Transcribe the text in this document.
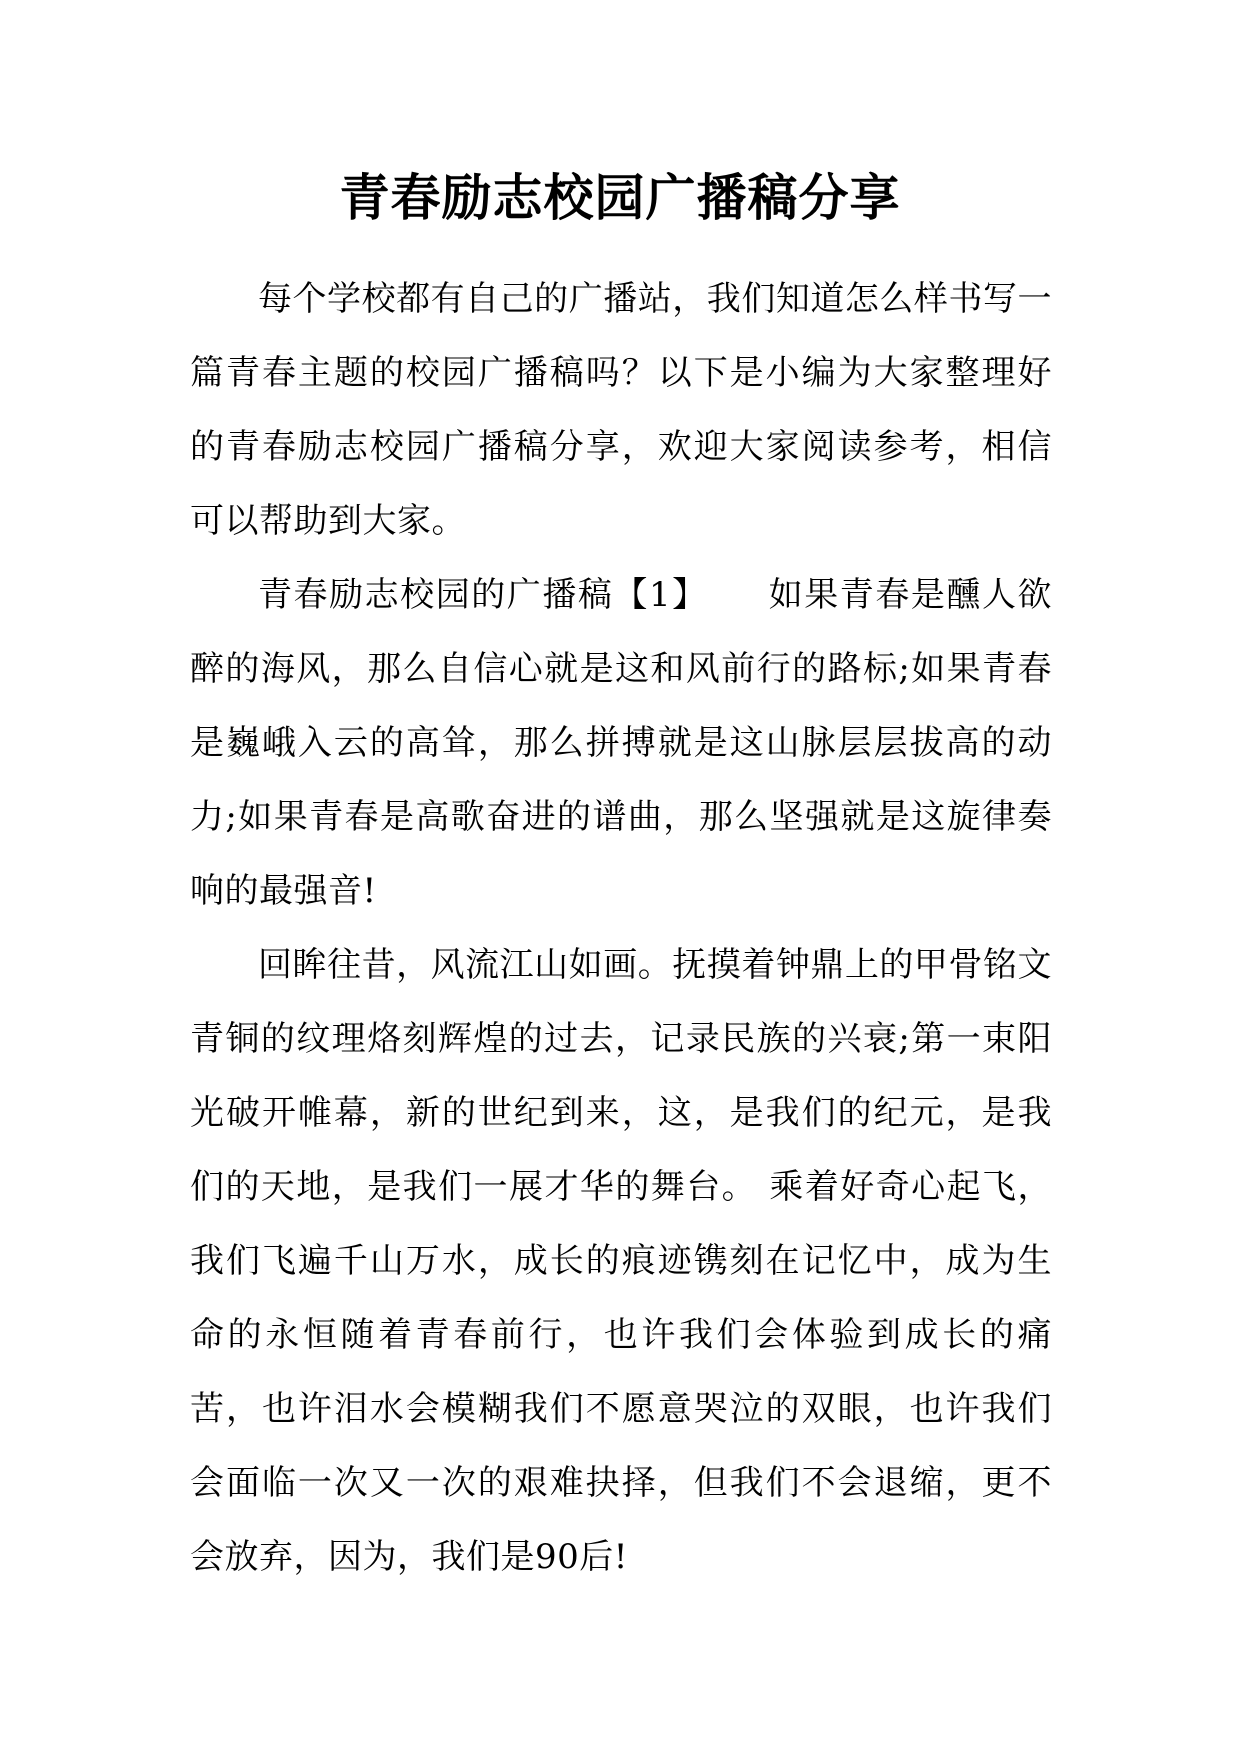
青春励志校园广播稿分享

每个学校都有自己的广播站，我们知道怎么样书写一篇青春主题的校园广播稿吗？以下是小编为大家整理好的青春励志校园广播稿分享，欢迎大家阅读参考，相信可以帮助到大家。

青春励志校园的广播稿【1】 如果青春是醺人欲醉的海风，那么自信心就是这和风前行的路标;如果青春是巍峨入云的高耸，那么拼搏就是这山脉层层拔高的动力;如果青春是高歌奋进的谱曲，那么坚强就是这旋律奏响的最强音!

回眸往昔，风流江山如画。抚摸着钟鼎上的甲骨铭文青铜的纹理烙刻辉煌的过去，记录民族的兴衰;第一束阳光破开帷幕，新的世纪到来，这，是我们的纪元，是我们的天地，是我们一展才华的舞台。 乘着好奇心起飞，我们飞遍千山万水，成长的痕迹镌刻在记忆中，成为生命的永恒随着青春前行，也许我们会体验到成长的痛苦，也许泪水会模糊我们不愿意哭泣的双眼，也许我们会面临一次又一次的艰难抉择，但我们不会退缩，更不会放弃，因为，我们是90后!
